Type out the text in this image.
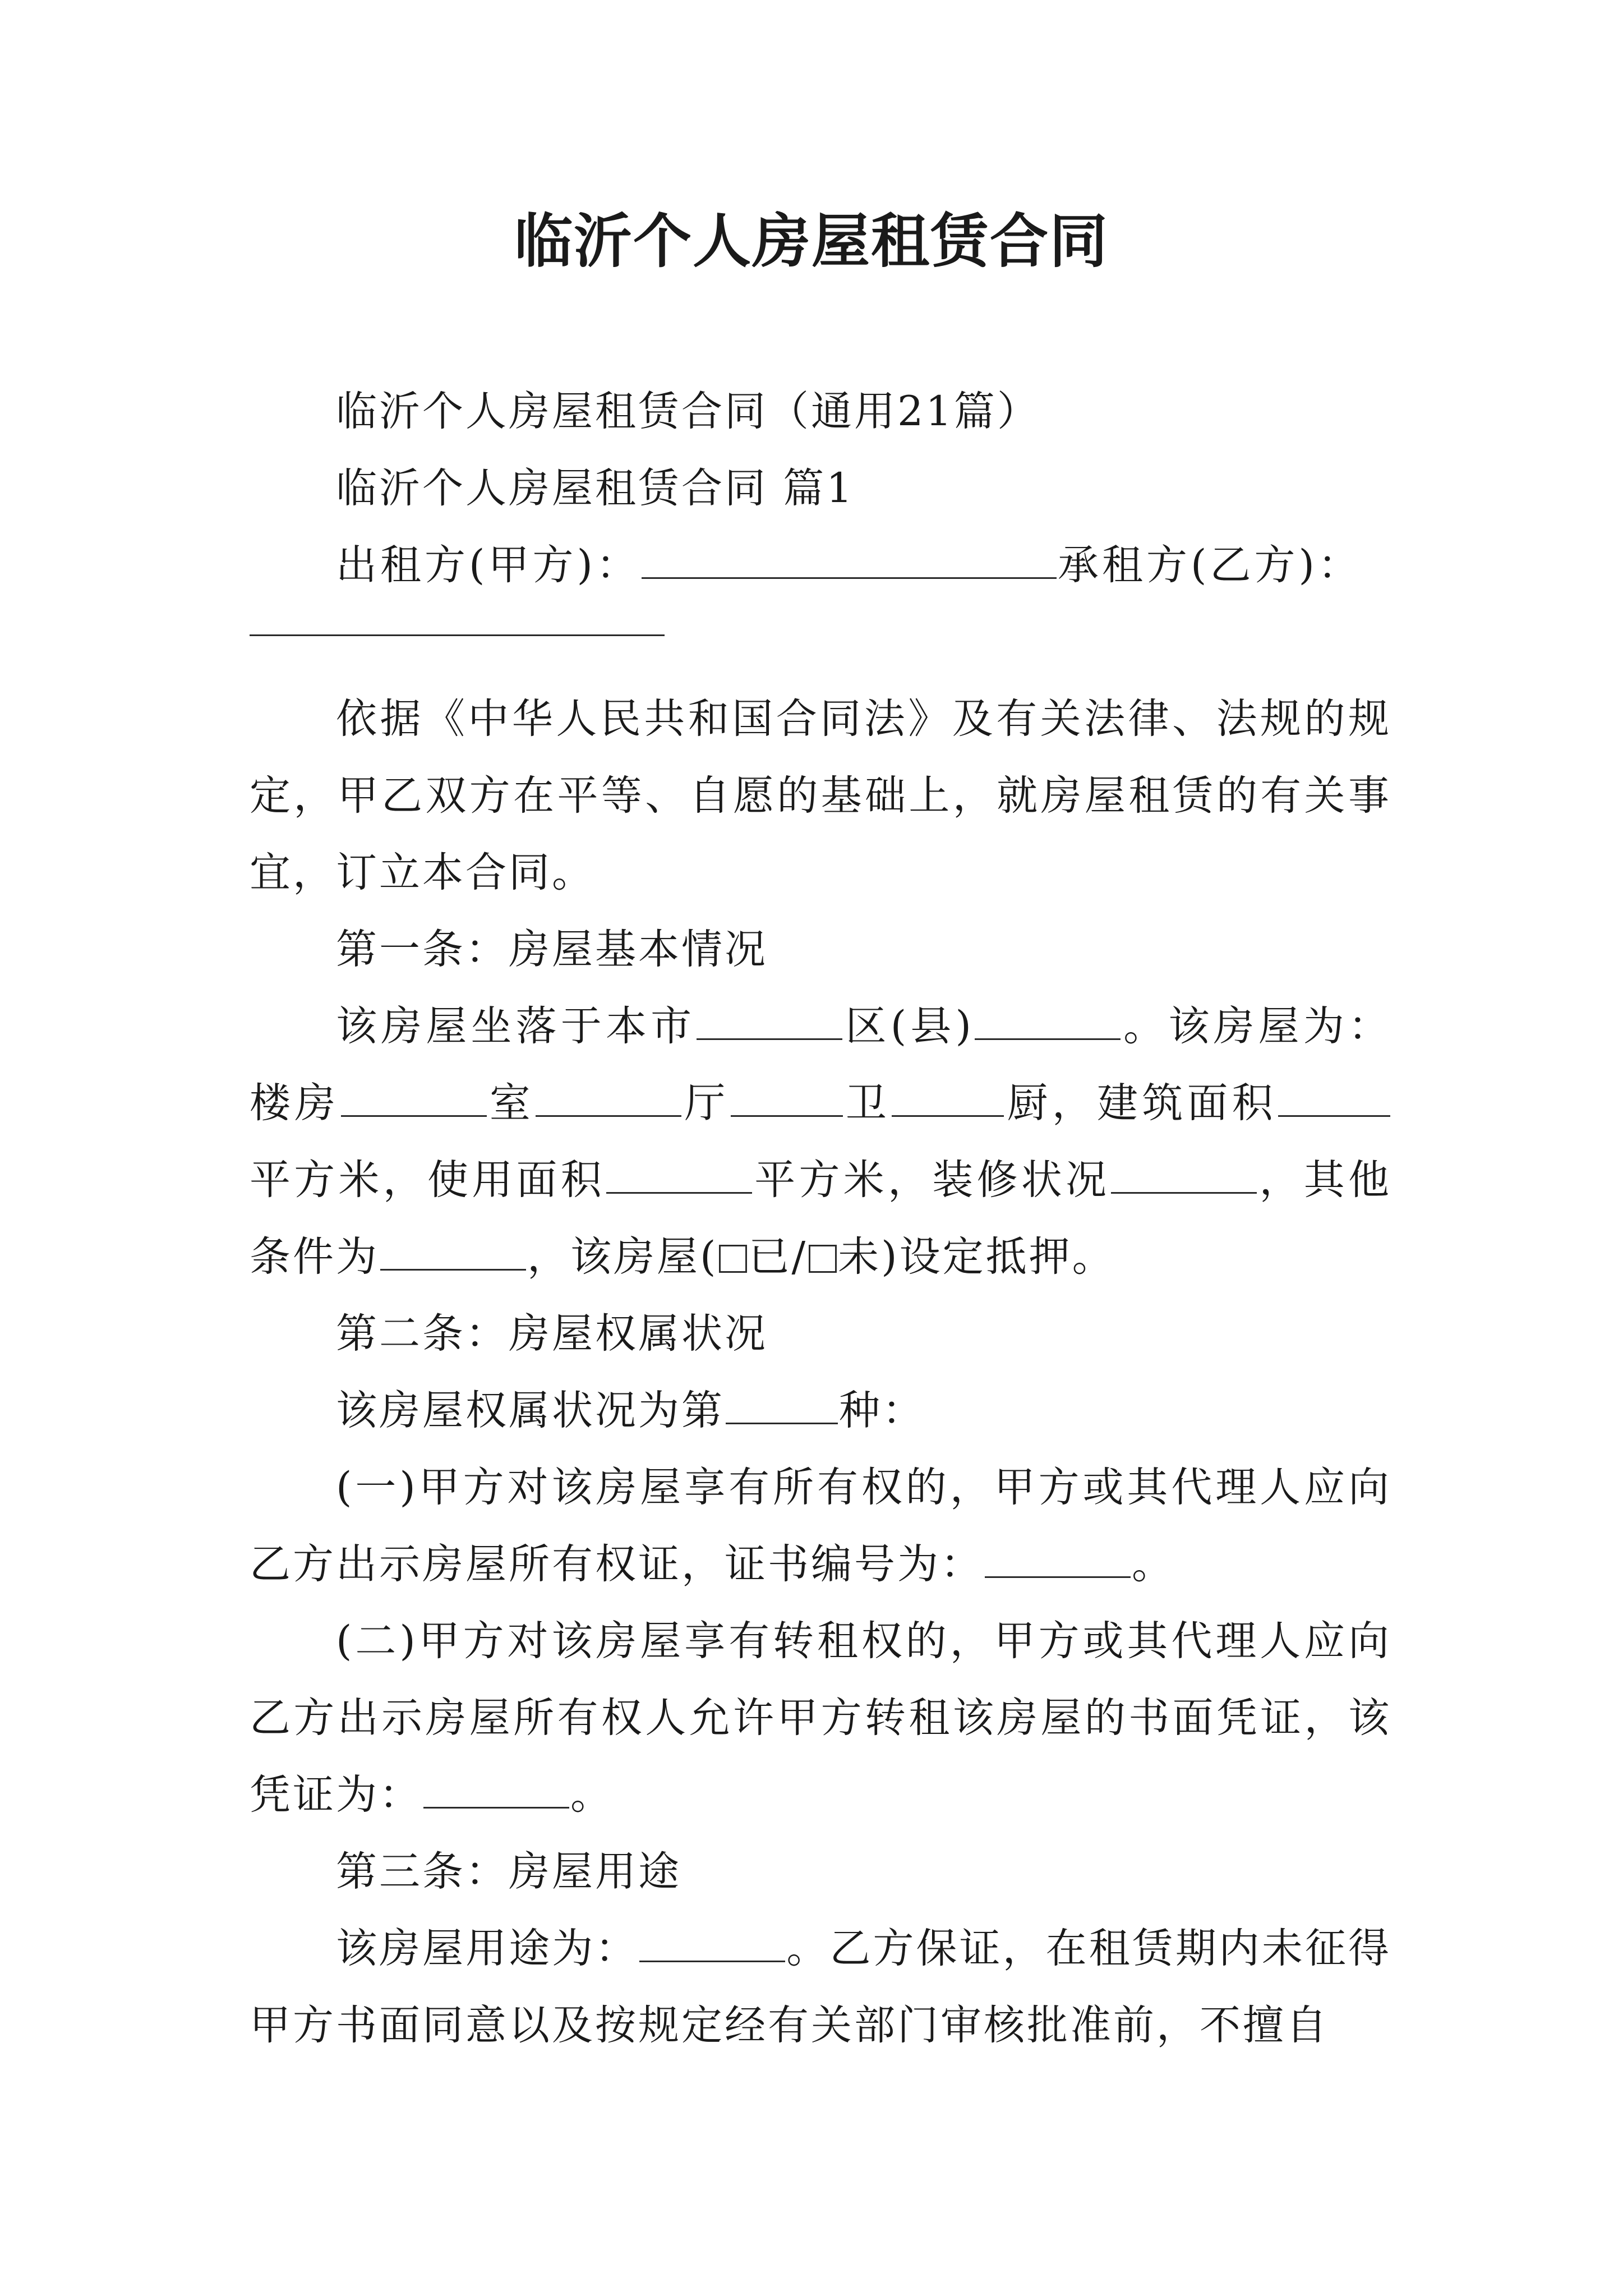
临沂个人房屋租赁合同

临沂个人房屋租赁合同（通用21篇）

临沂个人房屋租赁合同 篇1

出租方(甲方)：	承租方(乙方)：

依据《中华人民共和国合同法》及有关法律、法规的规定，甲乙双方在平等、自愿的基础上，就房屋租赁的有关事宜，订立本合同。

第一条：房屋基本情况

该房屋坐落于本市	区(县)	。该房屋为：楼房	室	厅	卫	厨，建筑面积平方米，使用面积	平方米，装修状况	，其他条件为	，该房屋( 已/ 未)设定抵押。

第二条：房屋权属状况

该房屋权属状况为第	种：

(一)甲方对该房屋享有所有权的，甲方或其代理人应向乙方出示房屋所有权证，证书编号为：	。

(二)甲方对该房屋享有转租权的，甲方或其代理人应向乙方出示房屋所有权人允许甲方转租该房屋的书面凭证，该凭证为：	。

第三条：房屋用途

该房屋用途为：	。乙方保证，在租赁期内未征得甲方书面同意以及按规定经有关部门审核批准前，不擅自
